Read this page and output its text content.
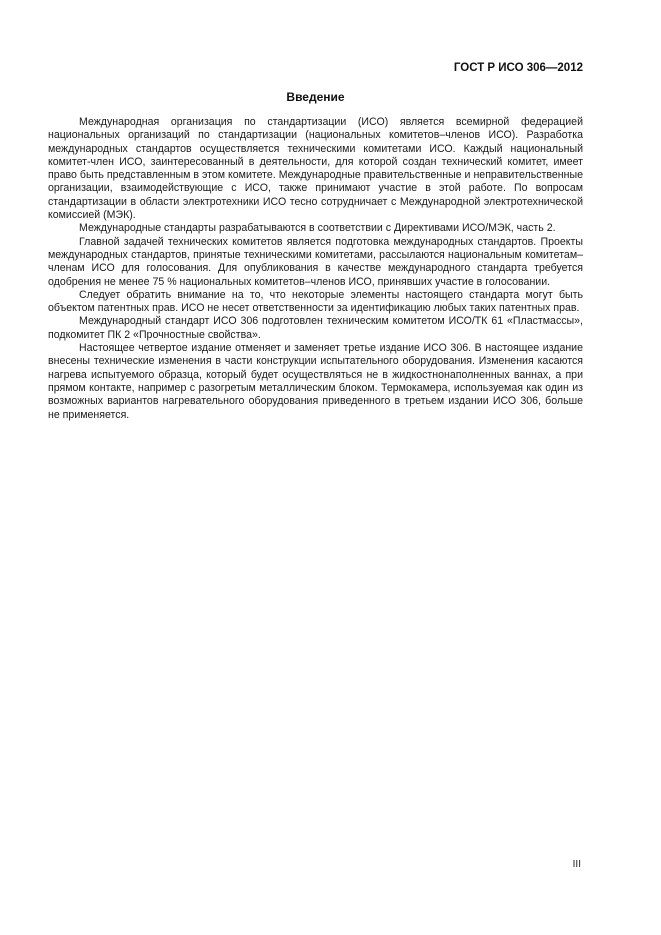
ГОСТ Р ИСО 306—2012
Введение

Международная организация по стандартизации (ИСО) является всемирной федерацией национальных организаций по стандартизации (национальных комитетов–членов ИСО). Разработка международных стандартов осуществляется техническими комитетами ИСО. Каждый национальный комитет-член ИСО, заинтересованный в деятельности, для которой создан технический комитет, имеет право быть представленным в этом комитете. Международные правительственные и неправительственные организации, взаимодействующие с ИСО, также принимают участие в этой работе. По вопросам стандартизации в области электротехники ИСО тесно сотрудничает с Международной электротехнической комиссией (МЭК).

Международные стандарты разрабатываются в соответствии с Директивами ИСО/МЭК, часть 2.

Главной задачей технических комитетов является подготовка международных стандартов. Проекты международных стандартов, принятые техническими комитетами, рассылаются национальным комитетам–членам ИСО для голосования. Для опубликования в качестве международного стандарта требуется одобрения не менее 75 % национальных комитетов–членов ИСО, принявших участие в голосовании.

Следует обратить внимание на то, что некоторые элементы настоящего стандарта могут быть объектом патентных прав. ИСО не несет ответственности за идентификацию любых таких патентных прав.

Международный стандарт ИСО 306 подготовлен техническим комитетом ИСО/ТК 61 «Пластмассы», подкомитет ПК 2 «Прочностные свойства».

Настоящее четвертое издание отменяет и заменяет третье издание ИСО 306. В настоящее издание внесены технические изменения в части конструкции испытательного оборудования. Изменения касаются нагрева испытуемого образца, который будет осуществляться не в жидкостнонаполненных ваннах, а при прямом контакте, например с разогретым металлическим блоком. Термокамера, используемая как один из возможных вариантов нагревательного оборудования приведенного в третьем издании ИСО 306, больше не применяется.

III
